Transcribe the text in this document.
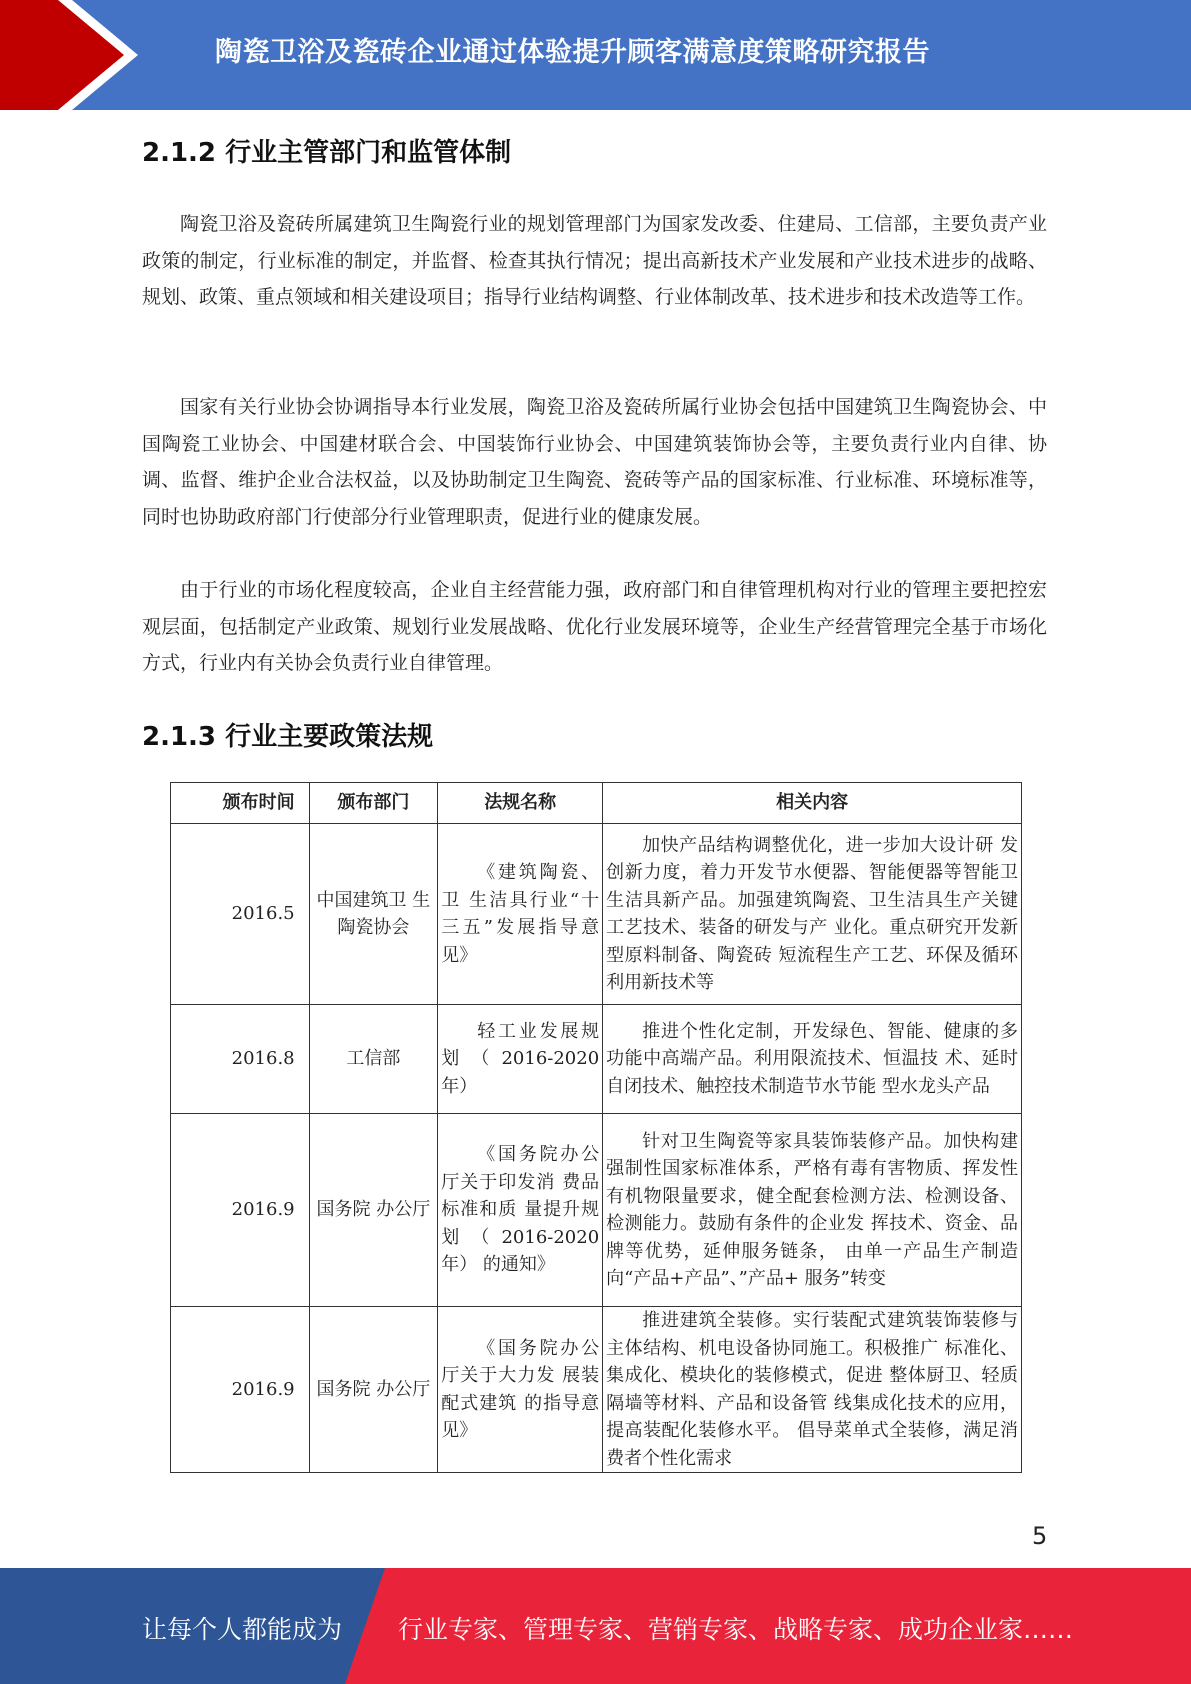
陶瓷卫浴及瓷砖企业通过体验提升顾客满意度策略研究报告
2.1.2 行业主管部门和监管体制
陶瓷卫浴及瓷砖所属建筑卫生陶瓷行业的规划管理部门为国家发改委、住建局、工信部，主要负责产业政策的制定，行业标准的制定，并监督、检查其执行情况；提出高新技术产业发展和产业技术进步的战略、规划、政策、重点领域和相关建设项目；指导行业结构调整、行业体制改革、技术进步和技术改造等工作。
国家有关行业协会协调指导本行业发展，陶瓷卫浴及瓷砖所属行业协会包括中国建筑卫生陶瓷协会、中国陶瓷工业协会、中国建材联合会、中国装饰行业协会、中国建筑装饰协会等，主要负责行业内自律、协调、监督、维护企业合法权益，以及协助制定卫生陶瓷、瓷砖等产品的国家标准、行业标准、环境标准等，同时也协助政府部门行使部分行业管理职责，促进行业的健康发展。
由于行业的市场化程度较高，企业自主经营能力强，政府部门和自律管理机构对行业的管理主要把控宏观层面，包括制定产业政策、规划行业发展战略、优化行业发展环境等，企业生产经营管理完全基于市场化方式，行业内有关协会负责行业自律管理。
2.1.3 行业主要政策法规
颁布时间	颁布部门	法规名称	相关内容
2016.5	中国建筑卫 生陶瓷协会	《建筑陶瓷、卫 生洁具行业“十三五”发展指导意见》	加快产品结构调整优化，进一步加大设计研 发创新力度，着力开发节水便器、智能便器等智能卫生洁具新产品。加强建筑陶瓷、卫生洁具生产关键工艺技术、装备的研发与产 业化。重点研究开发新型原料制备、陶瓷砖 短流程生产工艺、环保及循环利用新技术等
2016.8	工信部	轻工业发展规划（2016-2020 年）	推进个性化定制，开发绿色、智能、健康的多功能中高端产品。利用限流技术、恒温技 术、延时自闭技术、触控技术制造节水节能 型水龙头产品
2016.9	国务院 办公厅	《国务院办公厅关于印发消 费品标准和质 量提升规划 （ 2016-2020 年） 的通知》	针对卫生陶瓷等家具装饰装修产品。加快构建强制性国家标准体系，严格有毒有害物质、挥发性有机物限量要求，健全配套检测方法、检测设备、检测能力。鼓励有条件的企业发 挥技术、资金、品牌等优势，延伸服务链条， 由单一产品生产制造向“产品+产品”、”产品+ 服务”转变
2016.9	国务院 办公厅	《国务院办公厅关于大力发 展装配式建筑 的指导意见》	推进建筑全装修。实行装配式建筑装饰装修与主体结构、机电设备协同施工。积极推广 标准化、集成化、模块化的装修模式，促进 整体厨卫、轻质隔墙等材料、产品和设备管 线集成化技术的应用，提高装配化装修水平。 倡导菜单式全装修，满足消费者个性化需求
5
让每个人都能成为 行业专家、管理专家、营销专家、战略专家、成功企业家……
